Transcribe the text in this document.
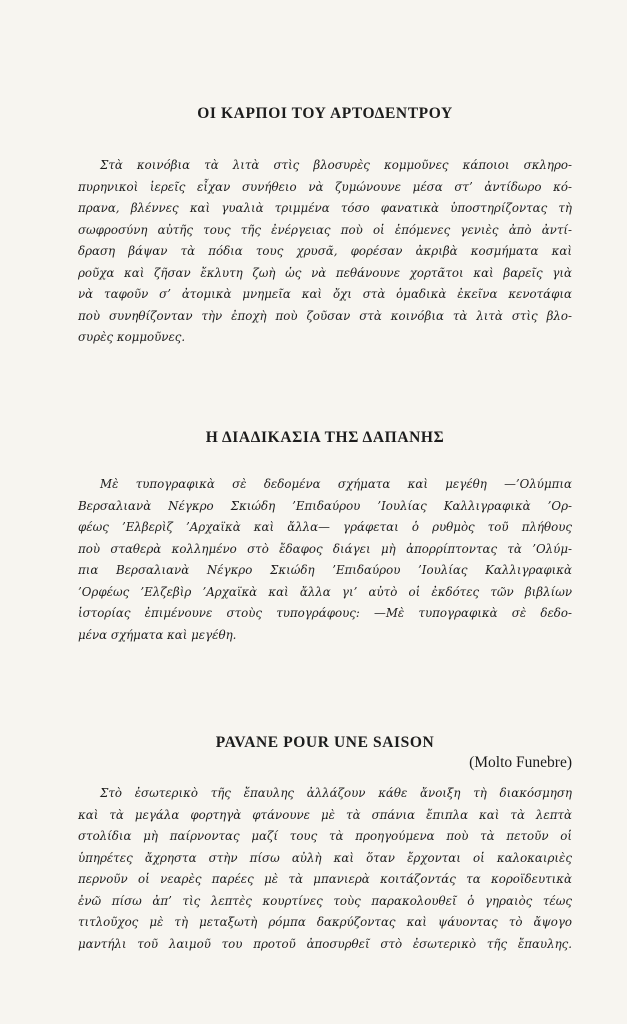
ΟΙ ΚΑΡΠΟΙ ΤΟΥ ΑΡΤΟΔΕΝΤΡΟΥ
Στὰ κοινόβια τὰ λιτὰ στὶς βλοσυρὲς κομμοῦνες κάποιοι σκληρο-
πυρηνικοὶ ἱερεῖς εἶχαν συνήθειο νὰ ζυμώνουνε μέσα στ’ ἀντίδωρο κό-
πρανα, βλέννες καὶ γυαλιὰ τριμμένα τόσο φανατικὰ ὑποστηρίζοντας τὴ
σωφροσύνη αὐτῆς τους τῆς ἐνέργειας ποὺ οἱ ἑπόμενες γενιὲς ἀπὸ ἀντί-
δραση βάψαν τὰ πόδια τους χρυσᾶ, φορέσαν ἀκριβὰ κοσμήματα καὶ
ροῦχα καὶ ζῆσαν ἔκλυτη ζωὴ ὡς νὰ πεθάνουνε χορτᾶτοι καὶ βαρεῖς γιὰ
νὰ ταφοῦν σ’ ἀτομικὰ μνημεῖα καὶ ὄχι στὰ ὁμαδικὰ ἐκεῖνα κενοτάφια
ποὺ συνηθίζονταν τὴν ἐποχὴ ποὺ ζοῦσαν στὰ κοινόβια τὰ λιτὰ στὶς βλο-
συρὲς κομμοῦνες.
Η ΔΙΑΔΙΚΑΣΙΑ ΤΗΣ ΔΑΠΑΝΗΣ
Μὲ τυπογραφικὰ σὲ δεδομένα σχήματα καὶ μεγέθη —’Ολύμπια
Βερσαλιανὰ Νέγκρο Σκιώδη ’Επιδαύρου ’Ιουλίας Καλλιγραφικὰ ’Ορ-
φέως ’Ελβερὶζ ’Αρχαϊκὰ καὶ ἄλλα— γράφεται ὁ ρυθμὸς τοῦ πλήθους
ποὺ σταθερὰ κολλημένο στὸ ἔδαφος διάγει μὴ ἀπορρίπτοντας τὰ ’Ολύμ-
πια Βερσαλιανὰ Νέγκρο Σκιώδη ’Επιδαύρου ’Ιουλίας Καλλιγραφικὰ
’Ορφέως ’Ελζεβὶρ ’Αρχαϊκὰ καὶ ἄλλα γι’ αὐτὸ οἱ ἐκδότες τῶν βιβλίων
ἱστορίας ἐπιμένουνε στοὺς τυπογράφους: —Μὲ τυπογραφικὰ σὲ δεδο-
μένα σχήματα καὶ μεγέθη.
PAVANE POUR UNE SAISON
(Molto Funebre)
Στὸ ἐσωτερικὸ τῆς ἔπαυλης ἀλλάζουν κάθε ἄνοιξη τὴ διακόσμηση
καὶ τὰ μεγάλα φορτηγὰ φτάνουνε μὲ τὰ σπάνια ἔπιπλα καὶ τὰ λεπτὰ
στολίδια μὴ παίρνοντας μαζί τους τὰ προηγούμενα ποὺ τὰ πετοῦν οἱ
ὑπηρέτες ἄχρηστα στὴν πίσω αὐλὴ καὶ ὅταν ἔρχονται οἱ καλοκαιριὲς
περνοῦν οἱ νεαρὲς παρέες μὲ τὰ μπανιερὰ κοιτάζοντάς τα κοροϊδευτικὰ
ἐνῶ πίσω ἀπ’ τὶς λεπτὲς κουρτίνες τοὺς παρακολουθεῖ ὁ γηραιὸς τέως
τιτλοῦχος μὲ τὴ μεταξωτὴ ρόμπα δακρύζοντας καὶ ψάυοντας τὸ ἄψογο
μαντήλι τοῦ λαιμοῦ του προτοῦ ἀποσυρθεῖ στὸ ἐσωτερικὸ τῆς ἔπαυλης.
